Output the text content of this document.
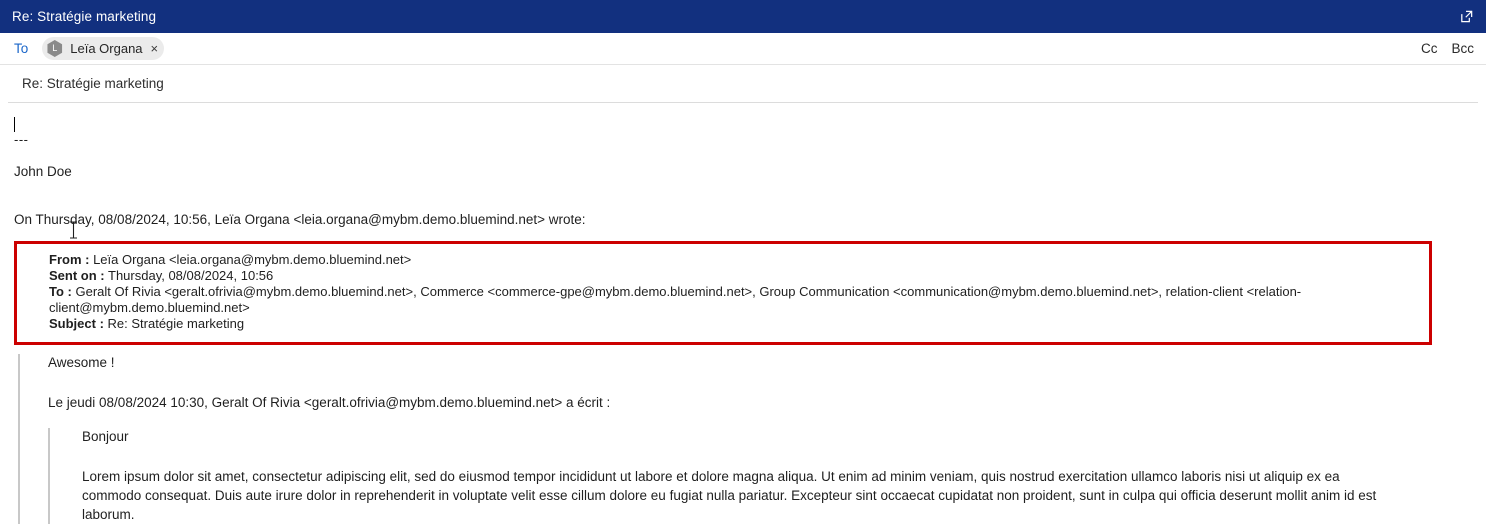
Re: Stratégie marketing
To	L Leïa Organa ×	Cc Bcc
Re: Stratégie marketing
---
John Doe
On Thursday, 08/08/2024, 10:56, Leïa Organa <leia.organa@mybm.demo.bluemind.net> wrote:
From : Leïa Organa <leia.organa@mybm.demo.bluemind.net>
Sent on : Thursday, 08/08/2024, 10:56
To : Geralt Of Rivia <geralt.ofrivia@mybm.demo.bluemind.net>, Commerce <commerce-gpe@mybm.demo.bluemind.net>, Group Communication <communication@mybm.demo.bluemind.net>, relation-client <relation-client@mybm.demo.bluemind.net>
Subject : Re: Stratégie marketing
Awesome !
Le jeudi 08/08/2024 10:30, Geralt Of Rivia <geralt.ofrivia@mybm.demo.bluemind.net> a écrit :
Bonjour
Lorem ipsum dolor sit amet, consectetur adipiscing elit, sed do eiusmod tempor incididunt ut labore et dolore magna aliqua. Ut enim ad minim veniam, quis nostrud exercitation ullamco laboris nisi ut aliquip ex ea commodo consequat. Duis aute irure dolor in reprehenderit in voluptate velit esse cillum dolore eu fugiat nulla pariatur. Excepteur sint occaecat cupidatat non proident, sunt in culpa qui officia deserunt mollit anim id est laborum.
